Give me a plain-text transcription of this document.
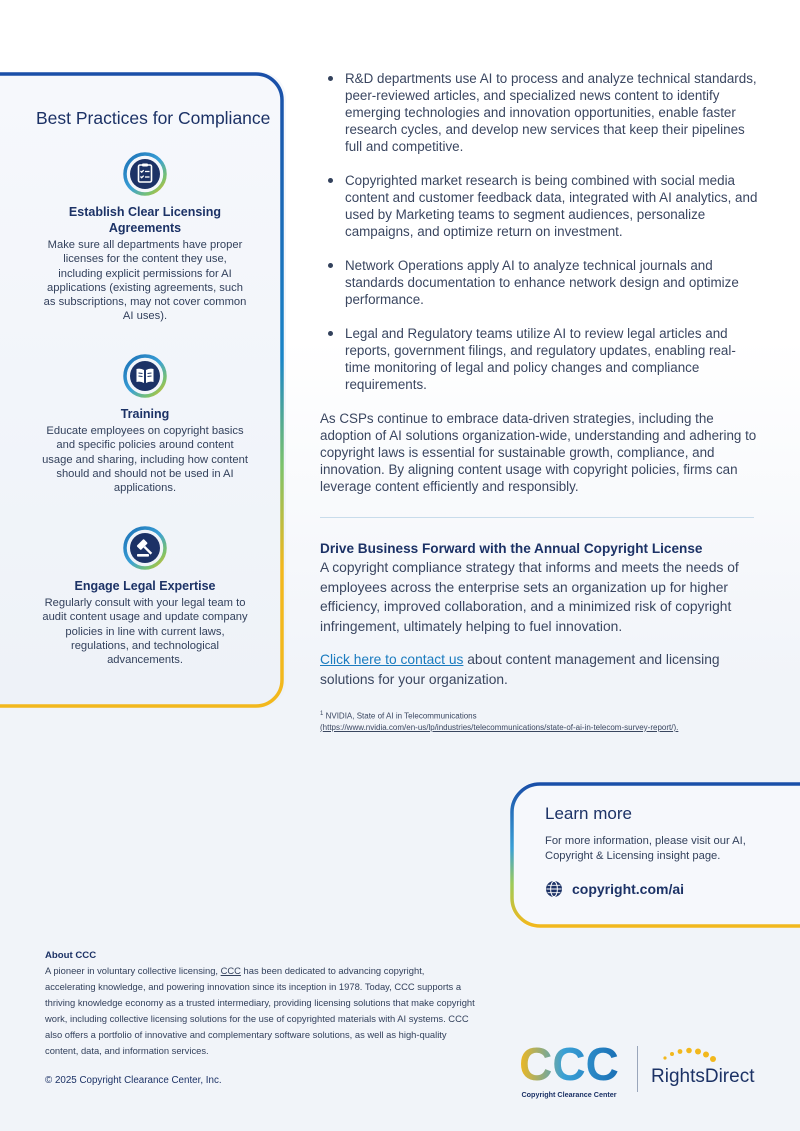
Best Practices for Compliance
Establish Clear Licensing Agreements
Make sure all departments have proper licenses for the content they use, including explicit permissions for AI applications (existing agreements, such as subscriptions, may not cover common AI uses).
Training
Educate employees on copyright basics and specific policies around content usage and sharing, including how content should and should not be used in AI applications.
Engage Legal Expertise
Regularly consult with your legal team to audit content usage and update company policies in line with current laws, regulations, and technological advancements.
R&D departments use AI to process and analyze technical standards, peer-reviewed articles, and specialized news content to identify emerging technologies and innovation opportunities, enable faster research cycles, and develop new services that keep their pipelines full and competitive.
Copyrighted market research is being combined with social media content and customer feedback data, integrated with AI analytics, and used by Marketing teams to segment audiences, personalize campaigns, and optimize return on investment.
Network Operations apply AI to analyze technical journals and standards documentation to enhance network design and optimize performance.
Legal and Regulatory teams utilize AI to review legal articles and reports, government filings, and regulatory updates, enabling real-time monitoring of legal and policy changes and compliance requirements.
As CSPs continue to embrace data-driven strategies, including the adoption of AI solutions organization-wide, understanding and adhering to copyright laws is essential for sustainable growth, compliance, and innovation. By aligning content usage with copyright policies, firms can leverage content efficiently and responsibly.
Drive Business Forward with the Annual Copyright License
A copyright compliance strategy that informs and meets the needs of employees across the enterprise sets an organization up for higher efficiency, improved collaboration, and a minimized risk of copyright infringement, ultimately helping to fuel innovation.
Click here to contact us about content management and licensing solutions for your organization.
$^1$ NVIDIA, State of AI in Telecommunications
(https://www.nvidia.com/en-us/lp/industries/telecommunications/state-of-ai-in-telecom-survey-report/).
Learn more
For more information, please visit our AI, Copyright & Licensing insight page.
copyright.com/ai
About CCC
A pioneer in voluntary collective licensing, CCC has been dedicated to advancing copyright, accelerating knowledge, and powering innovation since its inception in 1978. Today, CCC supports a thriving knowledge economy as a trusted intermediary, providing licensing solutions that make copyright work, including collective licensing solutions for the use of copyrighted materials with AI systems. CCC also offers a portfolio of innovative and complementary software solutions, as well as high-quality content, data, and information services.
© 2025 Copyright Clearance Center, Inc.	CCC
Copyright Clearance Center
RightsDirect
